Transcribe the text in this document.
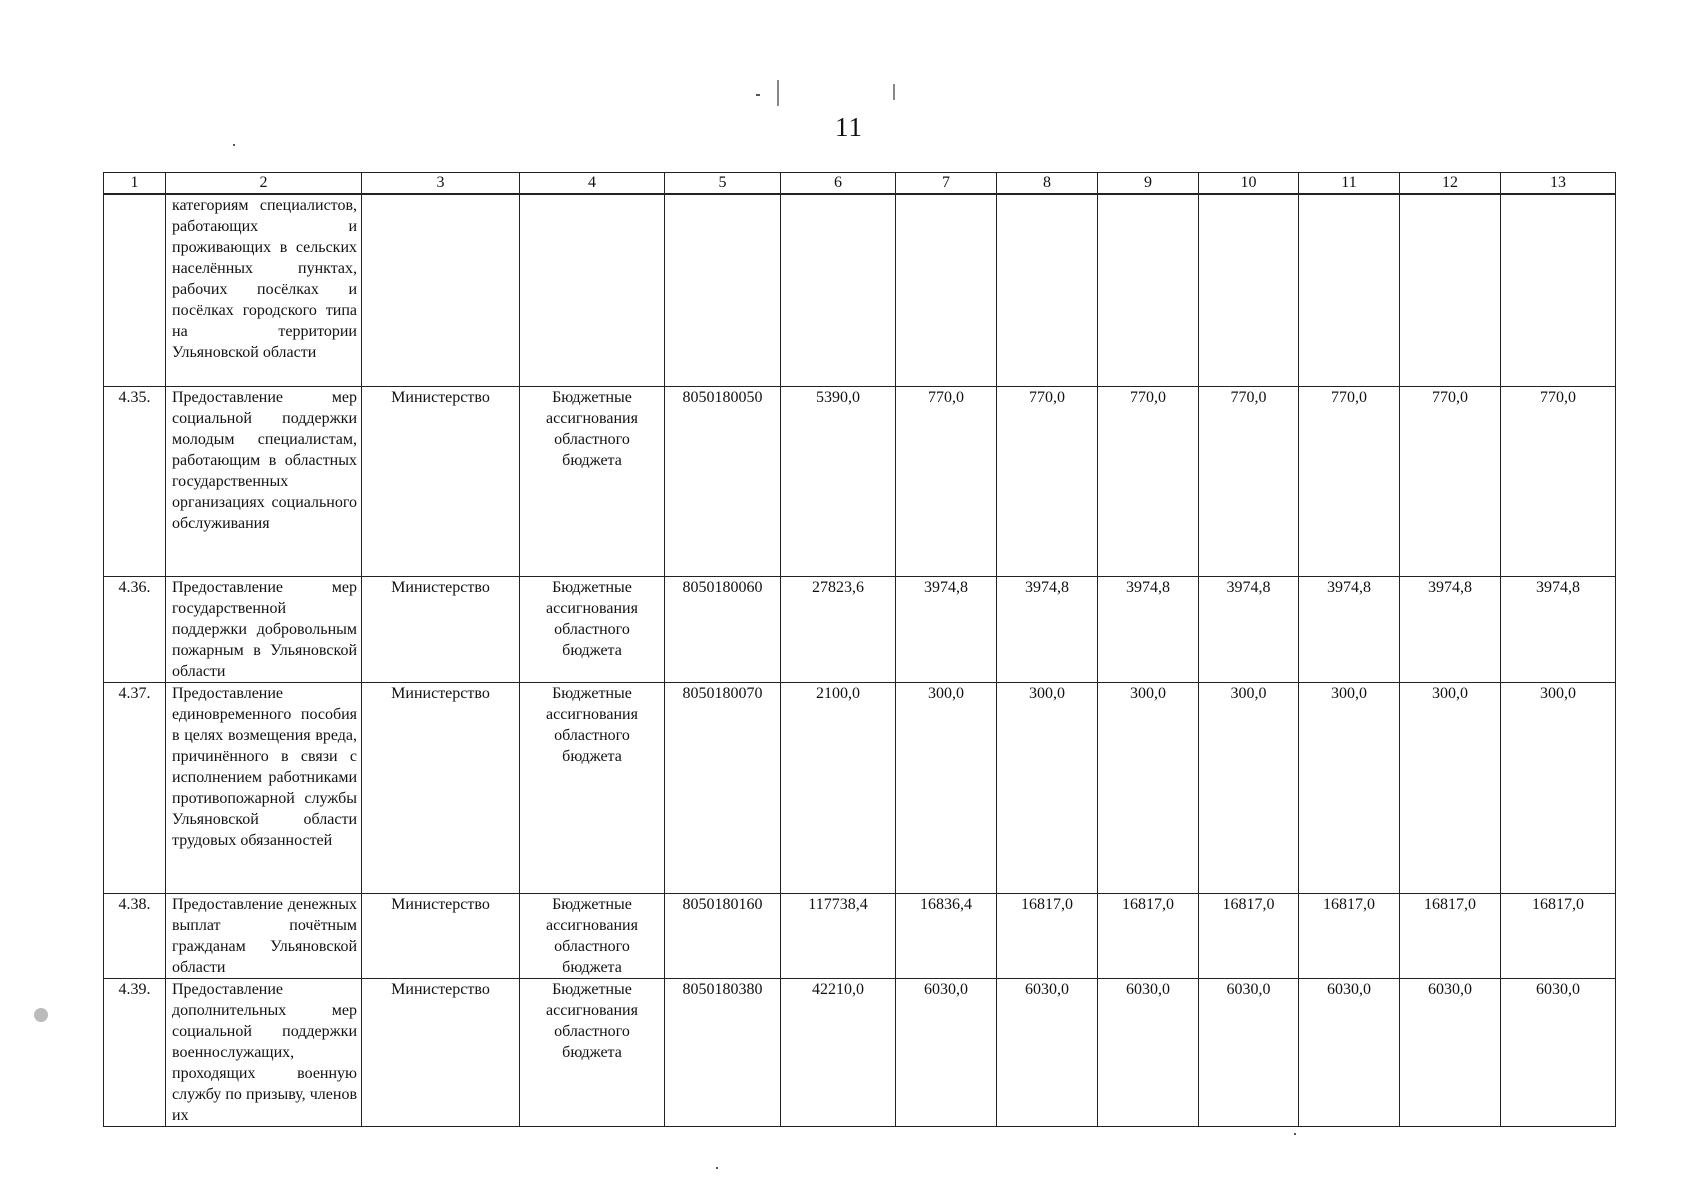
11
1	2	3	4	5	6	7	8	9	10	11	12	13
	категориям специалистов, работающих и проживающих в сельских населённых пунктах, рабочих посёлках и посёлках городского типа на территории Ульяновской области											
4.35.	Предоставление мер социальной поддержки молодым специалистам, работающим в областных государственных организациях социального обслуживания	Министерство	Бюджетные ассигнования областного бюджета	8050180050	5390,0	770,0	770,0	770,0	770,0	770,0	770,0	770,0
4.36.	Предоставление мер государственной поддержки добровольным пожарным в Ульяновской области	Министерство	Бюджетные ассигнования областного бюджета	8050180060	27823,6	3974,8	3974,8	3974,8	3974,8	3974,8	3974,8	3974,8
4.37.	Предоставление единовременного пособия в целях возмещения вреда, причинённого в связи с исполнением работниками противопожарной службы Ульяновской области трудовых обязанностей	Министерство	Бюджетные ассигнования областного бюджета	8050180070	2100,0	300,0	300,0	300,0	300,0	300,0	300,0	300,0
4.38.	Предоставление денежных выплат почётным гражданам Ульяновской области	Министерство	Бюджетные ассигнования областного бюджета	8050180160	117738,4	16836,4	16817,0	16817,0	16817,0	16817,0	16817,0	16817,0
4.39.	Предоставление дополнительных мер социальной поддержки военнослужащих, проходящих военную службу по призыву, членов их	Министерство	Бюджетные ассигнования областного бюджета	8050180380	42210,0	6030,0	6030,0	6030,0	6030,0	6030,0	6030,0	6030,0
